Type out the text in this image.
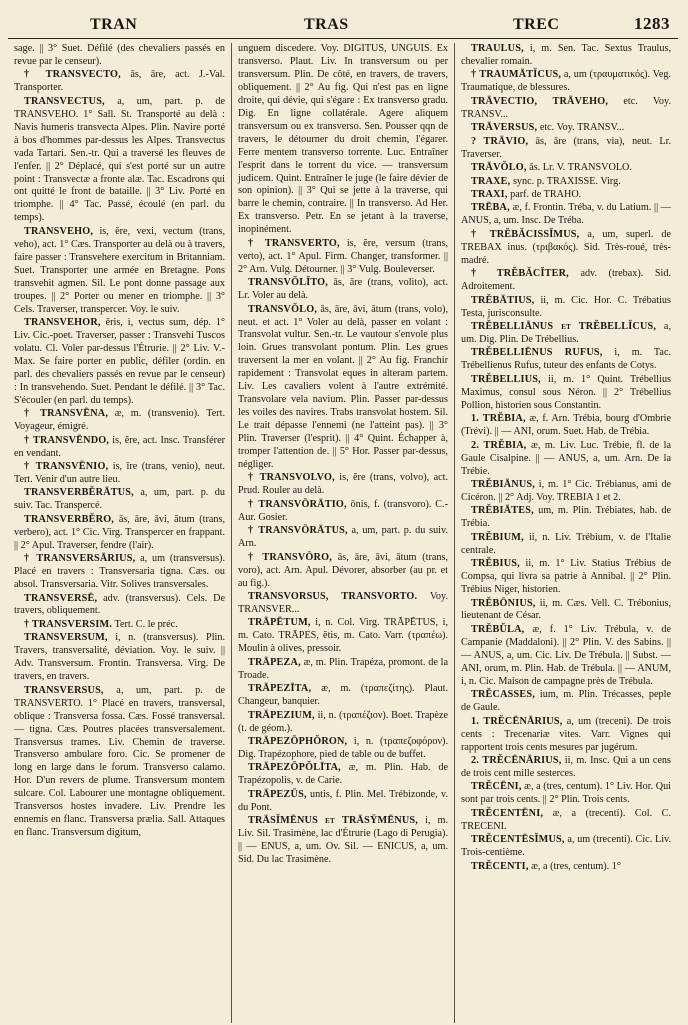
TRAN	TRAS	TREC	1283

sage. || 3° Suet. Défilé (des chevaliers passés en revue par le censeur).

† TRANSVECTO, ās, āre, act. J.-Val. Transporter.

TRANSVECTUS, a, um, part. p. de TRANSVEHO. 1° Sall. St. Transporté au delà : Navis humeris transvecta Alpes. Plin. Navire porté à bos d'hommes par-dessus les Alpes. Transvectus vada Tartari. Sen.-tr. Qui a traversé les fleuves de l'enfer. || 2° Déplacé, qui s'est porté sur un autre point : Transvectæ a fronte alæ. Tac. Escadrons qui ont quitté le front de bataille. || 3° Liv. Porté en triomphe. || 4° Tac. Passé, écoulé (en parl. du temps).

TRANSVEHO, is, ĕre, vexi, vectum (trans, veho), act. 1° Cæs. Transporter au delà ou à travers, faire passer : Transvehere exercitum in Britanniam. Suet. Transporter une armée en Bretagne. Pons transvehit agmen. Sil. Le pont donne passage aux troupes. || 2° Porter ou mener en triomphe. || 3° Cels. Traverser, transpercer. Voy. le suiv.

TRANSVEHOR, ĕris, i, vectus sum, dép. 1° Liv. Cic.-poet. Traverser, passer : Transvehi Tuscos volatu. Cl. Voler par-dessus l'Étrurie. || 2° Liv. V.-Max. Se faire porter en public, défiler (ordin. en parl. des chevaliers passés en revue par le censeur) : In transvehendo. Suet. Pendant le défilé. || 3° Tac. S'écouler (en parl. du temps).

† TRANSVĒNA, æ, m. (transvenio). Tert. Voyageur, émigré.

† TRANSVĒNDO, is, ĕre, act. Insc. Transférer en vendant.

† TRANSVĒNIO, is, īre (trans, venio), neut. Tert. Venir d'un autre lieu.

TRANSVERBĔRĀTUS, a, um, part. p. du suiv. Tac. Transpercé.

TRANSVERBĔRO, ās, āre, āvi, ātum (trans, verbero), act. 1° Cic. Virg. Transpercer en frappant. || 2° Apul. Traverser, fendre (l'air).

† TRANSVERSĀRIUS, a, um (transversus). Placé en travers : Transversaria tigna. Cæs. ou absol. Transversaria. Vitr. Solives transversales.

TRANSVERSĒ, adv. (transversus). Cels. De travers, obliquement.

† TRANSVERSIM. Tert. C. le préc.

TRANSVERSUM, i, n. (transversus). Plin. Travers, transversalité, déviation. Voy. le suiv. || Adv. Transversum. Frontin. Transversa. Virg. De travers, en travers.

TRANSVERSUS, a, um, part. p. de TRANSVERTO. 1° Placé en travers, transversal, oblique : Transversa fossa. Cæs. Fossé transversal. — tigna. Cæs. Poutres placées transversalement. Transversus trames. Liv. Chemin de traverse. Transverso ambulare foro. Cic. Se promener de long en large dans le forum. Transverso calamo. Hor. D'un revers de plume. Transversum montem sulcare. Col. Labourer une montagne obliquement. Transversos hostes invadere. Liv. Prendre les ennemis en flanc. Transversa prælia. Sall. Attaques en flanc. Transversum digitum,

unguem discedere. Voy. DIGITUS, UNGUIS. Ex transverso. Plaut. Liv. In transversum ou per transversum. Plin. De côté, en travers, de travers, obliquement. || 2° Au fig. Qui n'est pas en ligne droite, qui dévie, qui s'égare : Ex transverso gradu. Dig. En ligne collatérale. Agere aliquem transversum ou ex transverso. Sen. Pousser qqn de travers, le détourner du droit chemin, l'égarer. Ferre mentem transverso torrente. Luc. Entraîner l'esprit dans le torrent du vice. — transversum judicem. Quint. Entraîner le juge (le faire dévier de son opinion). || 3° Qui se jette à la traverse, qui barre le chemin, contraire. || In transverso. Ad Her. Ex transverso. Petr. En se jetant à la traverse, inopinément.

† TRANSVERTO, is, ĕre, versum (trans, verto), act. 1° Apul. Firm. Changer, transformer. || 2° Arn. Vulg. Détourner. || 3° Vulg. Bouleverser.

TRANSVŎLĬTO, ās, āre (trans, volito), act. Lr. Voler au delà.

TRANSVŎLO, ās, āre, āvi, ātum (trans, volo), neut. et act. 1° Voler au delà, passer en volant : Transvolat vultur. Sen.-tr. Le vautour s'envole plus loin. Grues transvolant pontum. Plin. Les grues traversent la mer en volant. || 2° Au fig. Franchir rapidement : Transvolat eques in alteram partem. Liv. Les cavaliers volent à l'autre extrémité. Transvolare vela navium. Plin. Passer par-dessus les voiles des navires. Trabs transvolat hostem. Sil. Le trait dépasse l'ennemi (ne l'atteint pas). || 3° Plin. Traverser (l'esprit). || 4° Quint. Échapper à, tromper l'attention de. || 5° Hor. Passer par-dessus, négliger.

† TRANSVOLVO, is, ĕre (trans, volvo), act. Prud. Rouler au delà.

† TRANSVŌRĀTIO, ōnis, f. (transvoro). C.-Aur. Gosier.

† TRANSVŌRĀTUS, a, um, part. p. du suiv. Arn.

† TRANSVŌRO, ās, āre, āvi, ātum (trans, voro), act. Arn. Apul. Dévorer, absorber (au pr. et au fig.).

TRANSVORSUS, TRANSVORTO. Voy. TRANSVER...

TRĀPĒTUM, i, n. Col. Virg. TRĀPĒTUS, i, m. Cato. TRĀPES, ĕtis, m. Cato. Varr. (τραπέω). Moulin à olives, pressoir.

TRĀPEZA, æ, m. Plin. Trapéza, promont. de la Troade.

TRĀPEZĪTA, æ, m. (τραπεζίτης). Plaut. Changeur, banquier.

TRĀPEZIUM, ii, n. (τραπέζιον). Boet. Trapèze (t. de géom.).

TRĀPEZŌPHŎRON, i, n. (τραπεζοφόρον). Dig. Trapézophore, pied de table ou de buffet.

TRĀPEZŌPŎLĪTA, æ, m. Plin. Hab. de Trapézopolis, v. de Carie.

TRĀPEZŪS, untis, f. Plin. Mel. Trébizonde, v. du Pont.

TRĀSĬMĒNUS et TRĀSŸMĒNUS, i, m. Liv. Sil. Trasimène, lac d'Étrurie (Lago di Perugia). || — ENUS, a, um. Ov. Sil. — ENICUS, a, um. Sid. Du lac Trasimène.

TRAULUS, i, m. Sen. Tac. Sextus Traulus, chevalier romain.

† TRAUMĀTĬCUS, a, um (τραυματικός). Veg. Traumatique, de blessures.

TRĀVECTIO, TRĀVEHO, etc. Voy. TRANSV...

TRĀVERSUS, etc. Voy. TRANSV...

? TRĀVIO, ās, āre (trans, via), neut. Lr. Traverser.

TRĀVŎLO, ās. Lr. V. TRANSVOLO.

TRAXE, sync. p. TRAXISSE. Virg.

TRAXI, parf. de TRAHO.

TRĒBA, æ, f. Frontin. Tréba, v. du Latium. || — ANUS, a, um. Insc. De Tréba.

† TRĔBĂCISSĬMUS, a, um, superl. de TREBAX inus. (τριβακός). Sid. Très-roué, très-madré.

† TRĔBĂCĬTER, adv. (trebax). Sid. Adroitement.

TRĔBĀTIUS, ii, m. Cic. Hor. C. Trébatius Testa, jurisconsulte.

TRĔBELLIĀNUS et TRĔBELLĬCUS, a, um. Dig. Plin. De Trébellius.

TRĔBELLIĒNUS RUFUS, i, m. Tac. Trébellienus Rufus, tuteur des enfants de Cotys.

TRĔBELLIUS, ii, m. 1° Quint. Trébellius Maximus, consul sous Néron. || 2° Trébellius Pollion, historien sous Constantin.

1. TRĔBIA, æ, f. Arn. Trébia, bourg d'Ombrie (Trévi). || — ANI, orum. Suet. Hab. de Trébia.

2. TRĔBIA, æ, m. Liv. Luc. Trébie, fl. de la Gaule Cisalpine. || — ANUS, a, um. Arn. De la Trébie.

TRĔBIĀNUS, i, m. 1° Cic. Trébianus, ami de Cicéron. || 2° Adj. Voy. TREBIA 1 et 2.

TRĔBIĀTES, um, m. Plin. Trébiates, hab. de Trébia.

TRĔBIUM, ii, n. Liv. Trébium, v. de l'Italie centrale.

TRĔBIUS, ii, m. 1° Liv. Statius Trébius de Compsa, qui livra sa patrie à Annibal. || 2° Plin. Trébius Niger, historien.

TRĔBŌNIUS, ii, m. Cæs. Vell. C. Trébonius, lieutenant de César.

TRĔBŬLA, æ, f. 1° Liv. Trébula, v. de Campanie (Maddaloni). || 2° Plin. V. des Sabins. || — ANUS, a, um. Cic. Liv. De Trébula. || Subst. — ANI, orum, m. Plin. Hab. de Trébula. || — ANUM, i, n. Cic. Maison de campagne près de Trébula.

TRĔCASSES, ium, m. Plin. Trécasses, peple de Gaule.

1. TRĔCĒNĀRIUS, a, um (treceni). De trois cents : Trecenariæ vites. Varr. Vignes qui rapportent trois cents mesures par jugérum.

2. TRĔCĒNĀRIUS, ii, m. Insc. Qui a un cens de trois cent mille sesterces.

TRĔCĒNI, æ, a (tres, centum). 1° Liv. Hor. Qui sont par trois cents. || 2° Plin. Trois cents.

TRĔCENTĒNI, æ, a (trecenti). Col. C. TRECENI.

TRĔCENTĒSĬMUS, a, um (trecenti). Cic. Liv. Trois-centième.

TRĔCENTI, æ, a (tres, centum). 1°
